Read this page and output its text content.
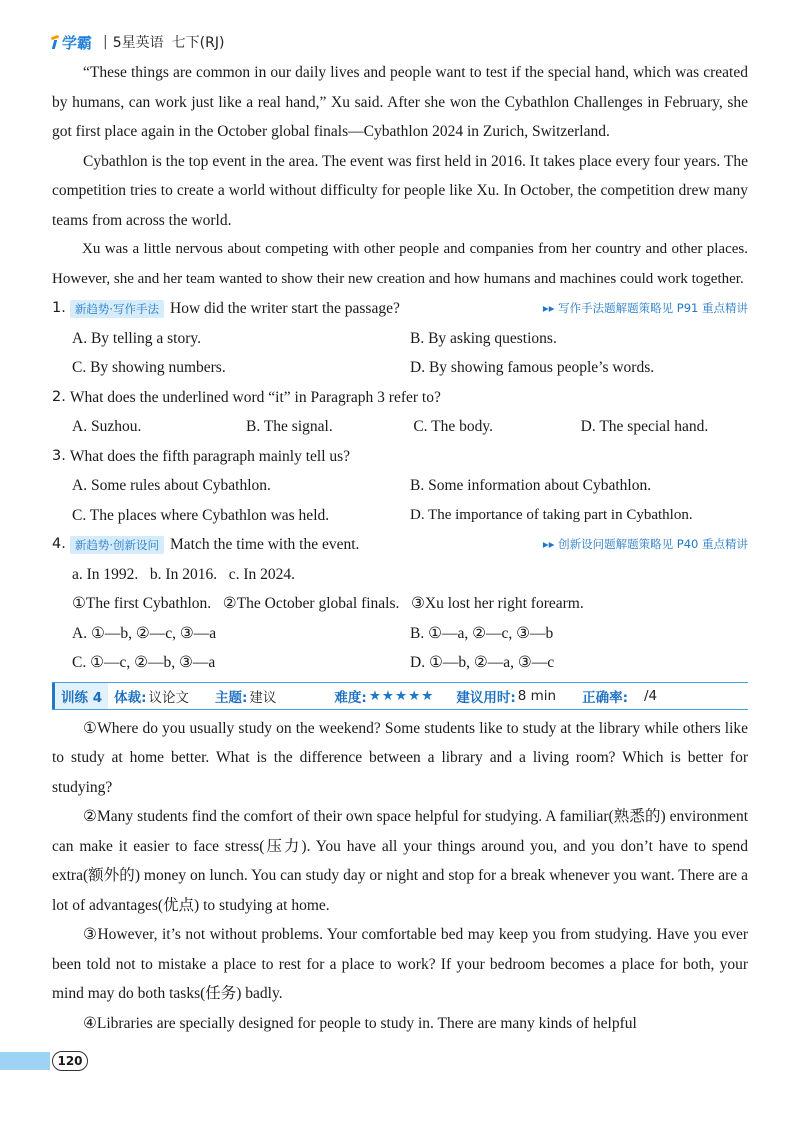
学霸 | 5星英语 七下(RJ)

“These things are common in our daily lives and people want to test if the special hand, which was created by humans, can work just like a real hand,” Xu said. After she won the Cybathlon Challenges in February, she got first place again in the October global finals—Cybathlon 2024 in Zurich, Switzerland.

Cybathlon is the top event in the area. The event was first held in 2016. It takes place every four years. The competition tries to create a world without difficulty for people like Xu. In October, the competition drew many teams from across the world.

Xu was a little nervous about competing with other people and companies from her country and other places. However, she and her team wanted to show their new creation and how humans and machines could work together.

1. 新趋势·写作手法 How did the writer start the passage?	▸▸ 写作手法题解题策略见 P91 重点精讲
A. By telling a story.	B. By asking questions.
C. By showing numbers.	D. By showing famous people’s words.
2. What does the underlined word “it” in Paragraph 3 refer to?
A. Suzhou.	B. The signal.	C. The body.	D. The special hand.
3. What does the fifth paragraph mainly tell us?
A. Some rules about Cybathlon.	B. Some information about Cybathlon.
C. The places where Cybathlon was held.	D. The importance of taking part in Cybathlon.
4. 新趋势·创新设问 Match the time with the event.	▸▸ 创新设问题解题策略见 P40 重点精讲
a. In 1992.   b. In 2016.   c. In 2024.
①The first Cybathlon.   ②The October global finals.   ③Xu lost her right forearm.
A. ①—b, ②—c, ③—a	B. ①—a, ②—c, ③—b
C. ①—c, ②—b, ③—a	D. ①—b, ②—a, ③—c
训练 4 体裁: 议论文 主题: 建议	难度: ★★★★★ 建议用时: 8 min 正确率: /4

①Where do you usually study on the weekend? Some students like to study at the library while others like to study at home better. What is the difference between a library and a living room? Which is better for studying?

②Many students find the comfort of their own space helpful for studying. A familiar(熟悉的) environment can make it easier to face stress(压力). You have all your things around you, and you don’t have to spend extra(额外的) money on lunch. You can study day or night and stop for a break whenever you want. There are a lot of advantages(优点) to studying at home.

③However, it’s not without problems. Your comfortable bed may keep you from studying. Have you ever been told not to mistake a place to rest for a place to work? If your bedroom becomes a place for both, your mind may do both tasks(任务) badly.

④Libraries are specially designed for people to study in. There are many kinds of helpful

120
